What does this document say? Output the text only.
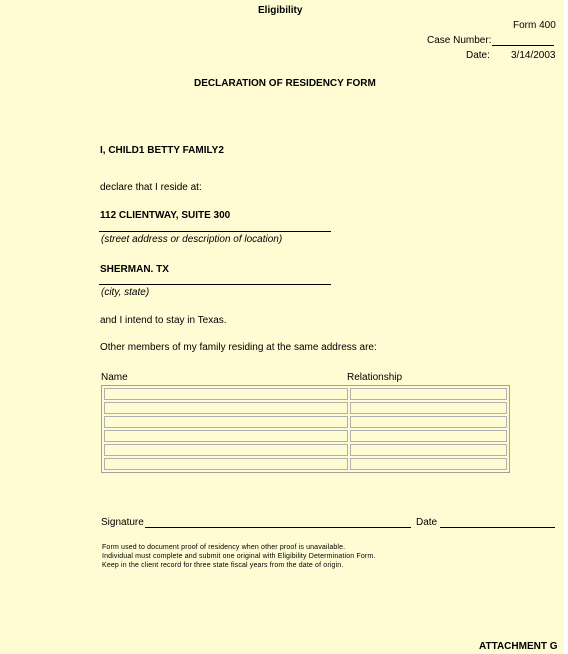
Eligibility
Form 400
Case Number:
Date: 3/14/2003
DECLARATION OF RESIDENCY FORM
I, CHILD1 BETTY FAMILY2
declare that I reside at:
112 CLIENTWAY, SUITE 300
(street address or description of location)
SHERMAN. TX
(city, state)
and I intend to stay in Texas.
Other members of my family residing at the same address are:
Name	Relationship

Signature	Date
Form used to document proof of residency when other proof is unavailable.
Individual must complete and submit one original with Eligibility Determination Form.
Keep in the client record for three state fiscal years from the date of origin.
ATTACHMENT G
